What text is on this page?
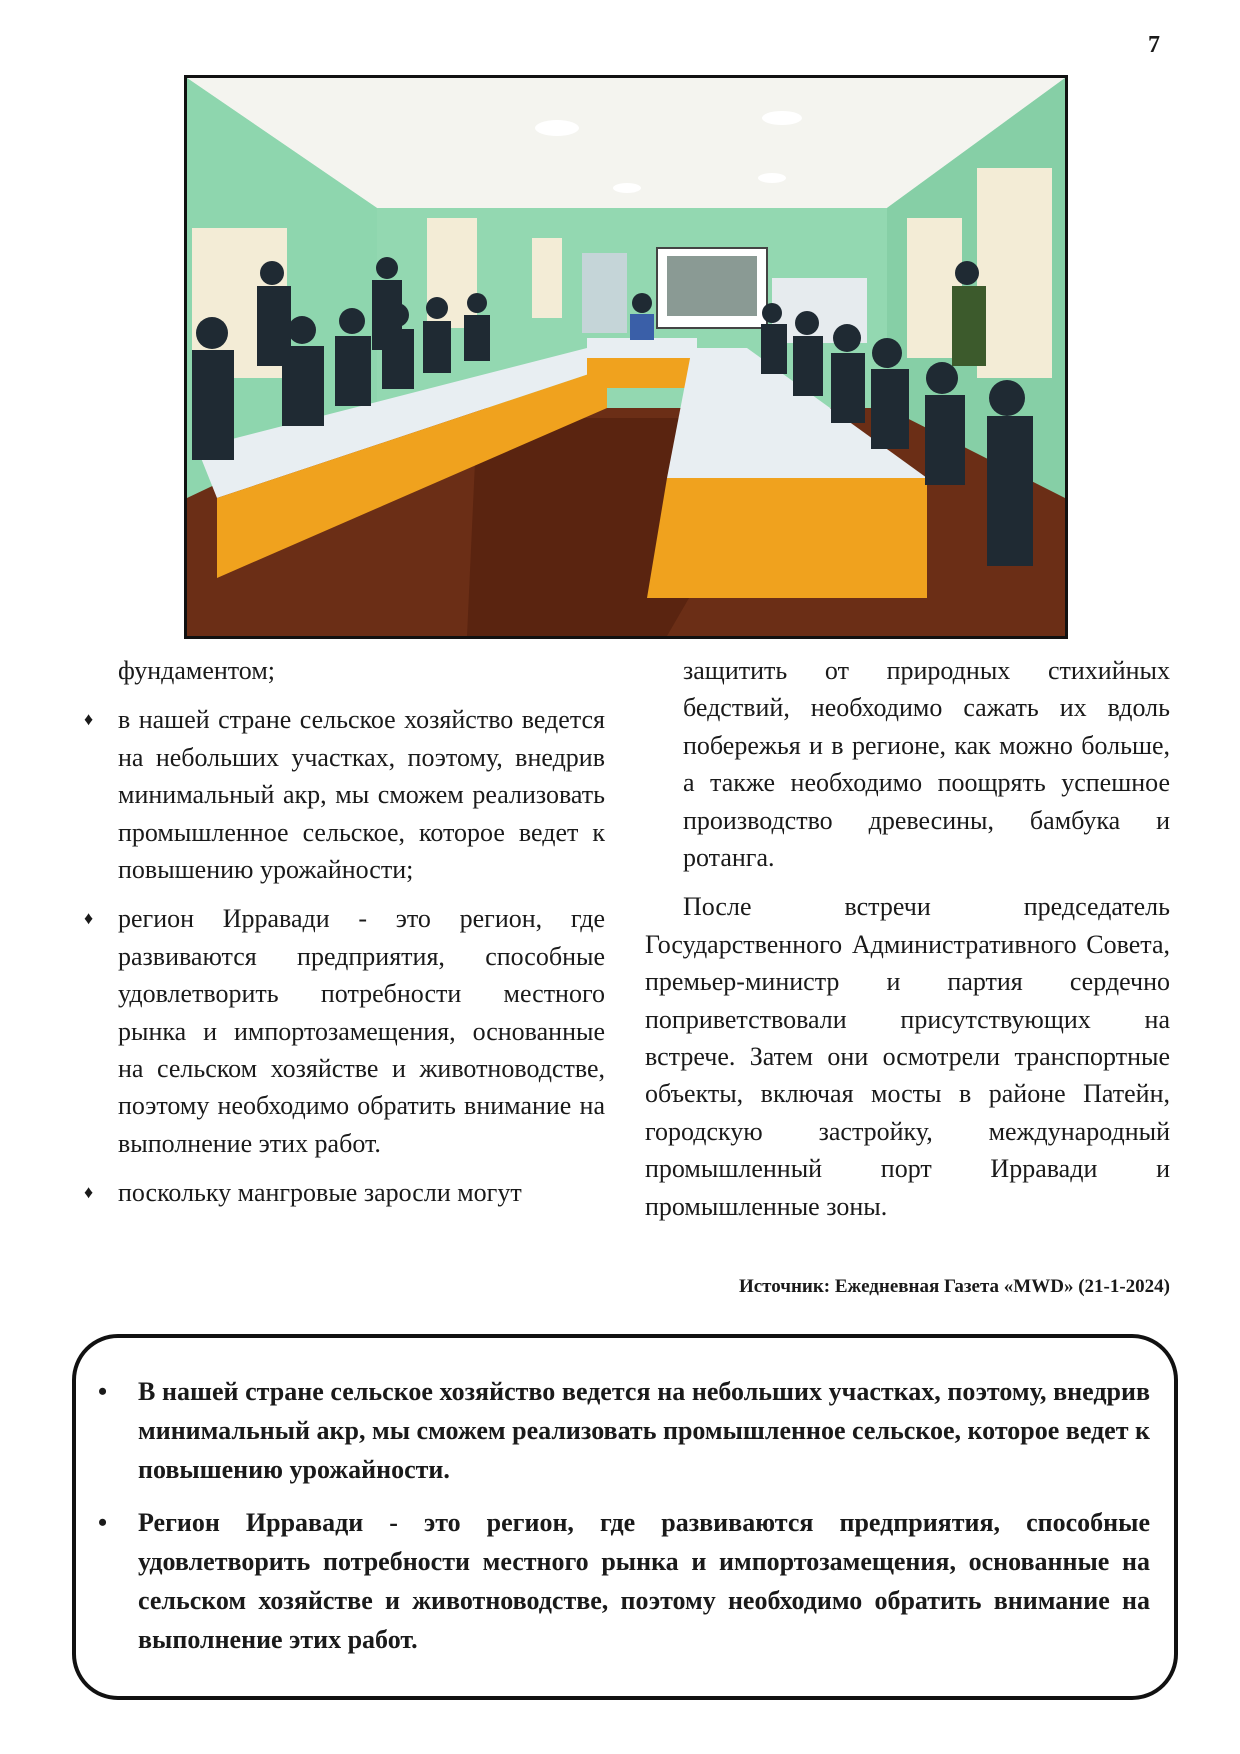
7

фундаментом;

♦ в нашей стране сельское хозяйство ведется на небольших участках, поэтому, внедрив минимальный акр, мы сможем реализовать промышленное сельское, которое ведет к повышению урожайности;
♦ регион Ирравади - это регион, где развиваются предприятия, способные удовлетворить потребности местного рынка и импортозамещения, основанные на сельском хозяйстве и животноводстве, поэтому необходимо обратить внимание на выполнение этих работ.
♦ поскольку мангровые заросли могут

защитить от природных стихийных бедствий, необходимо сажать их вдоль побережья и в регионе, как можно больше, а также необходимо поощрять успешное производство древесины, бамбука и ротанга.

После встречи председатель Государственного Административного Совета, премьер-министр и партия сердечно поприветствовали присутствующих на встрече. Затем они осмотрели транспортные объекты, включая мосты в районе Патейн, городскую застройку, международный промышленный порт Ирравади и промышленные зоны.

Источник: Ежедневная Газета «MWD» (21-1-2024)
• В нашей стране сельское хозяйство ведется на небольших участках, поэтому, внедрив минимальный акр, мы сможем реализовать промышленное сельское, которое ведет к повышению урожайности.
• Регион Ирравади - это регион, где развиваются предприятия, способные удовлетворить потребности местного рынка и импортозамещения, основанные на сельском хозяйстве и животноводстве, поэтому необходимо обратить внимание на выполнение этих работ.
